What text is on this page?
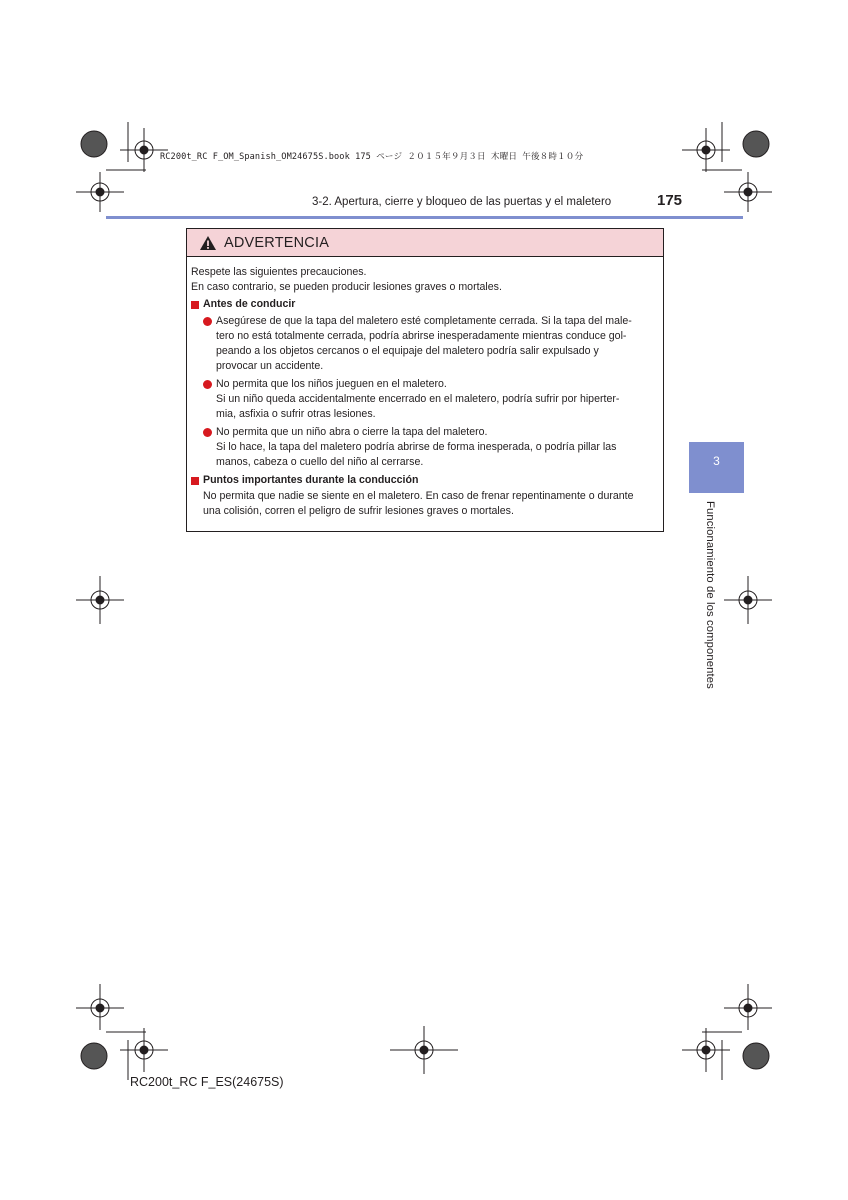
RC200t_RC F_OM_Spanish_OM24675S.book 175 ページ ２０１５年９月３日 木曜日 午後８時１０分
3-2. Apertura, cierre y bloqueo de las puertas y el maletero	175
ADVERTENCIA

Respete las siguientes precauciones.

En caso contrario, se pueden producir lesiones graves o mortales.

Antes de conducir
Asegúrese de que la tapa del maletero esté completamente cerrada. Si la tapa del male-
tero no está totalmente cerrada, podría abrirse inesperadamente mientras conduce gol-
peando a los objetos cercanos o el equipaje del maletero podría salir expulsado y
provocar un accidente.
No permita que los niños jueguen en el maletero.
Si un niño queda accidentalmente encerrado en el maletero, podría sufrir por hiperter-
mia, asfixia o sufrir otras lesiones.
No permita que un niño abra o cierre la tapa del maletero.
Si lo hace, la tapa del maletero podría abrirse de forma inesperada, o podría pillar las
manos, cabeza o cuello del niño al cerrarse.
Puntos importantes durante la conducción
No permita que nadie se siente en el maletero. En caso de frenar repentinamente o durante
una colisión, corren el peligro de sufrir lesiones graves o mortales.
3
Funcionamiento de los componentes
RC200t_RC F_ES(24675S)
